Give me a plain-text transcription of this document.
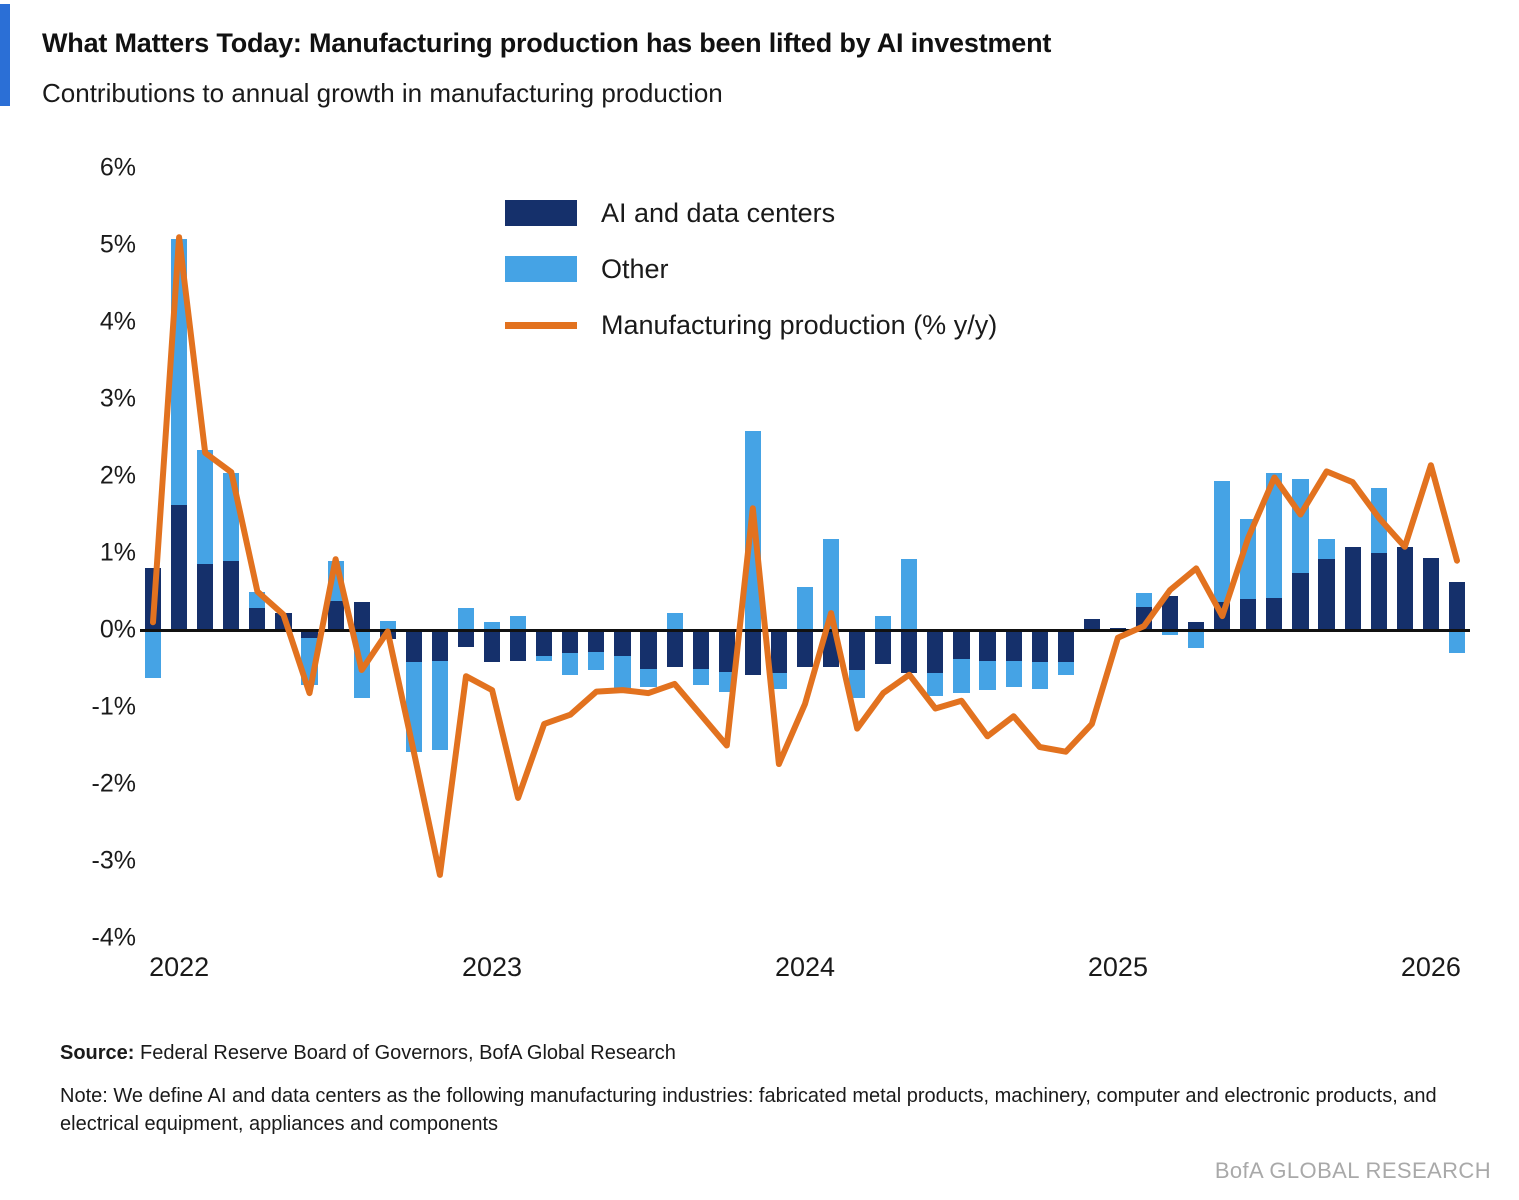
What Matters Today: Manufacturing production has been lifted by AI investment
Contributions to annual growth in manufacturing production
6%
5%
4%
3%
2%
1%
0%
-1%
-2%
-3%
-4%
2022	2023	2024	2025	2026
AI and data centers
Other
Manufacturing production (% y/y)
Source: Federal Reserve Board of Governors, BofA Global Research
Note: We define AI and data centers as the following manufacturing industries: fabricated metal products, machinery, computer and electronic products, and electrical equipment, appliances and components
BofA GLOBAL RESEARCH
